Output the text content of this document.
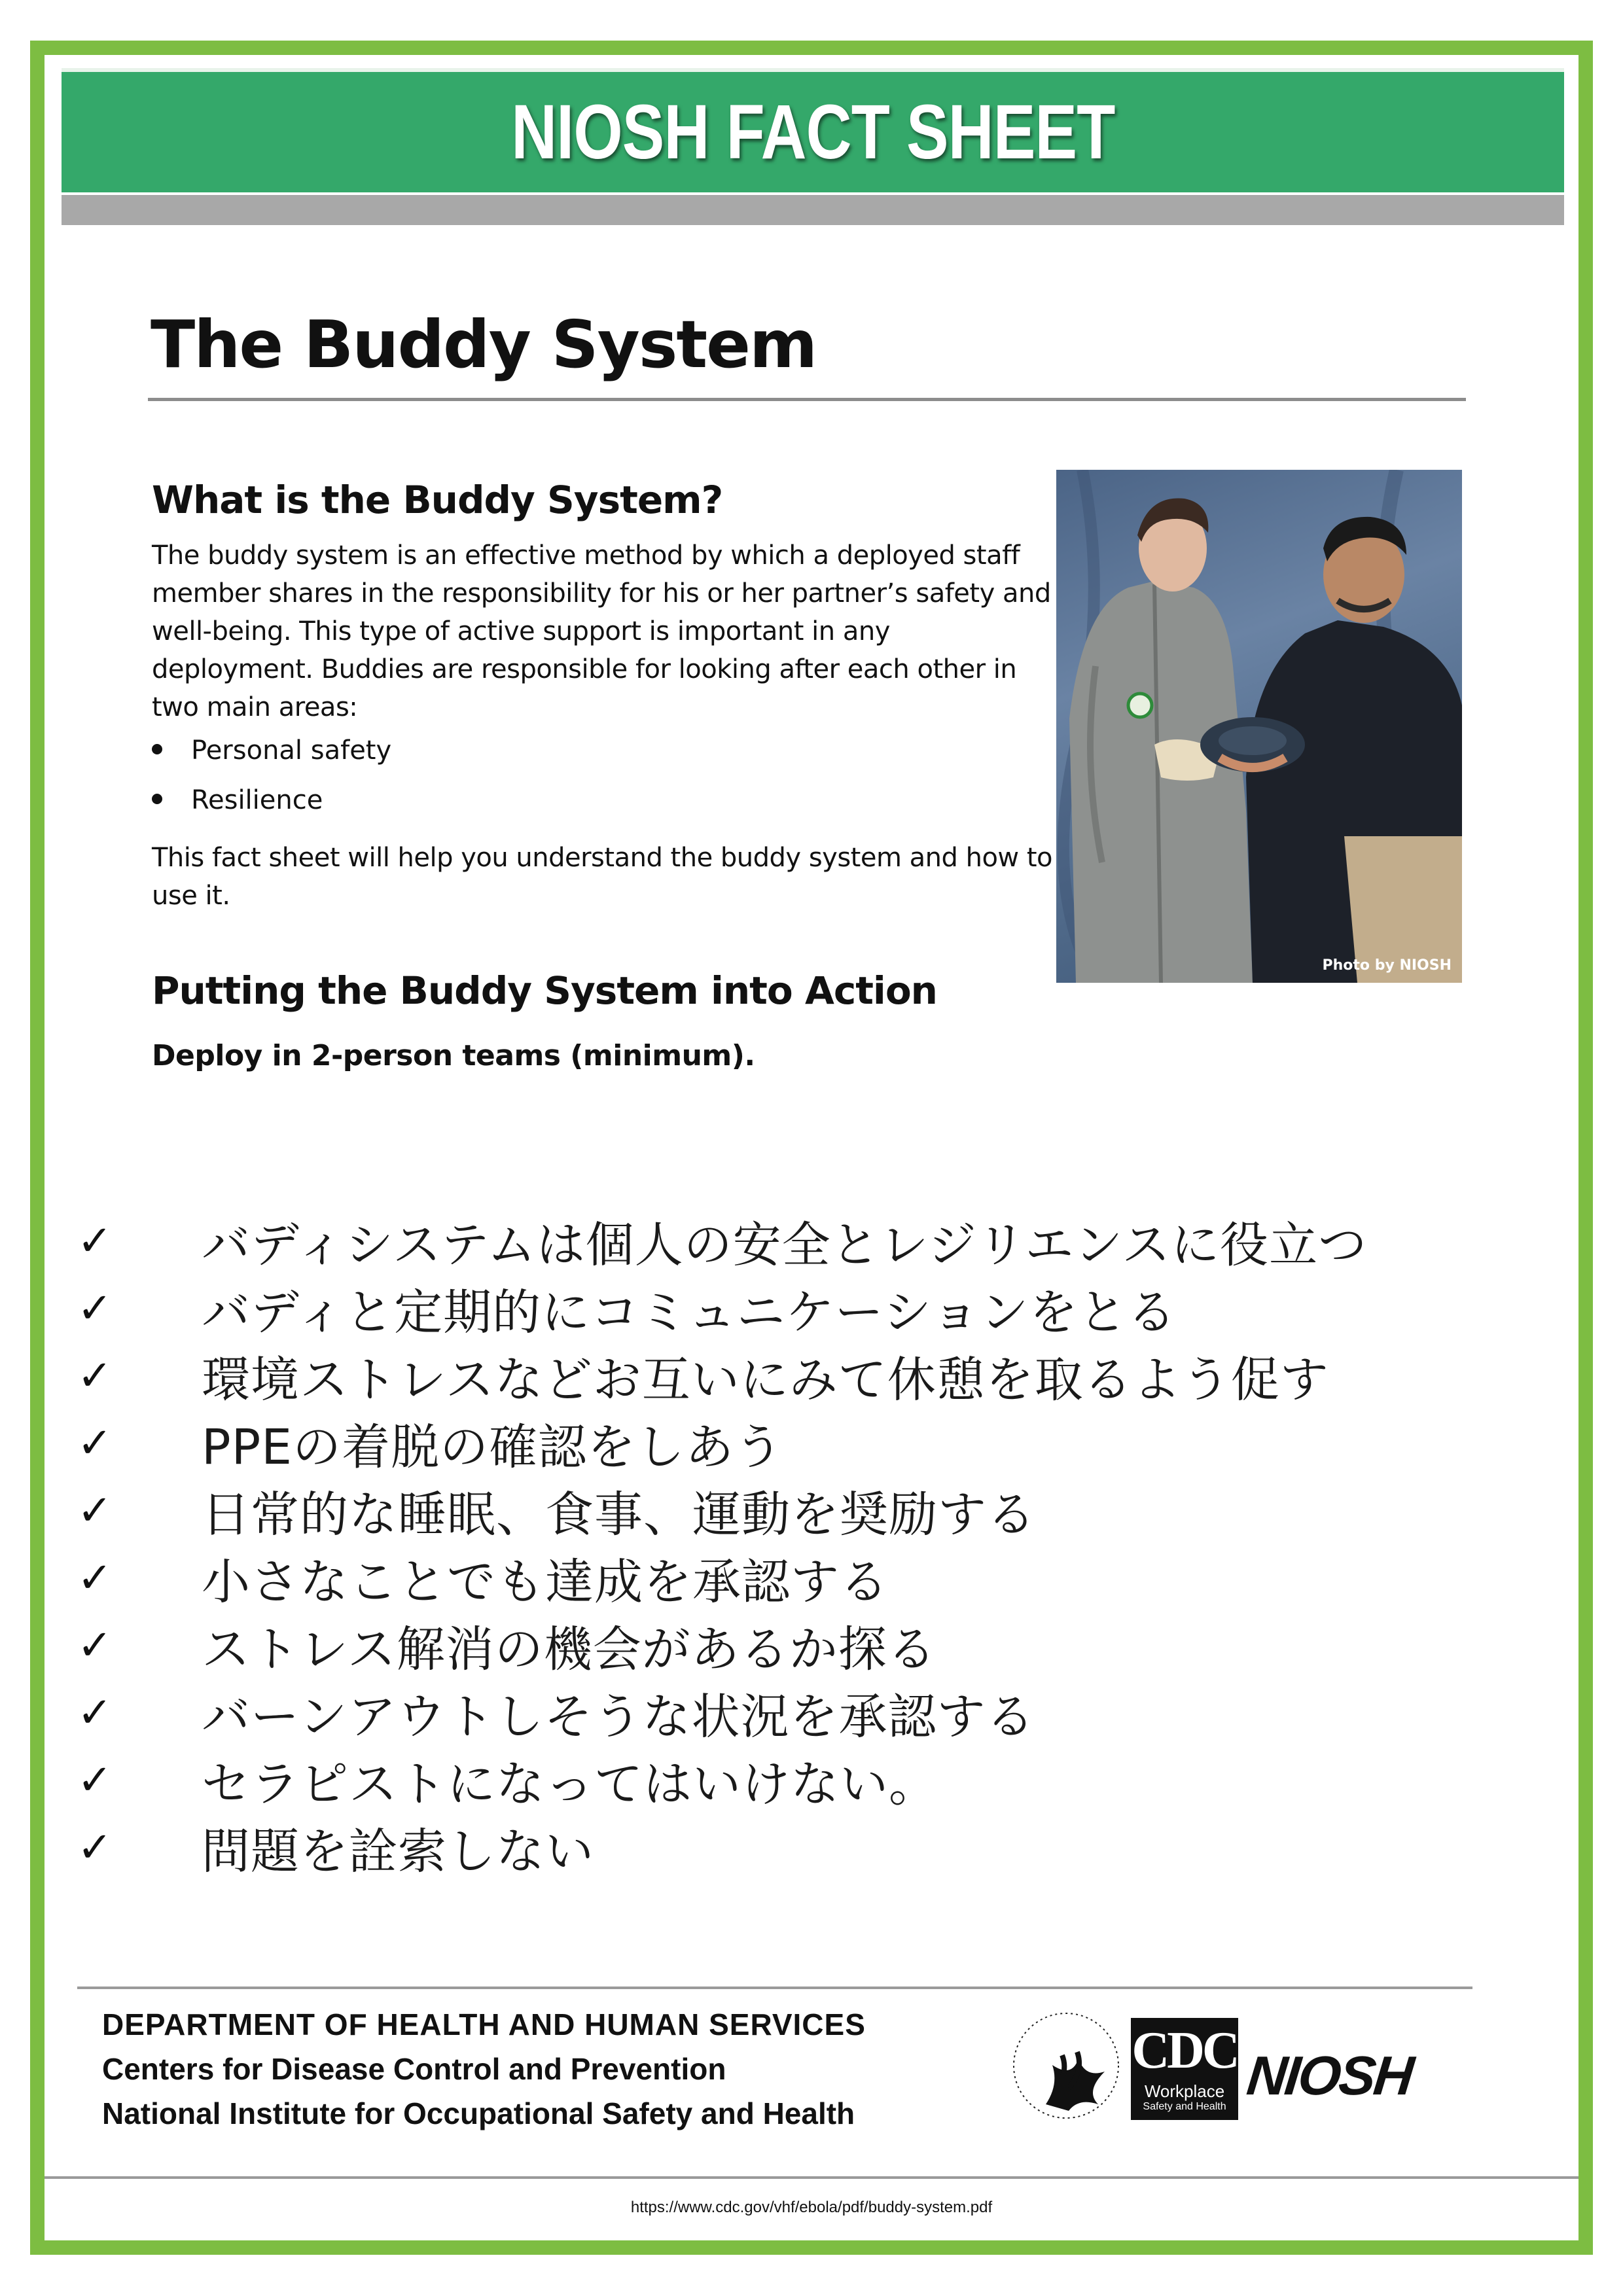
NIOSH FACT SHEET
The Buddy System
What is the Buddy System?
The buddy system is an effective method by which a deployed staff member shares in the responsibility for his or her partner’s safety and well-being. This type of active support is important in any deployment. Buddies are responsible for looking after each other in two main areas:
Personal safety
Resilience
This fact sheet will help you understand the buddy system and how to use it.
Putting the Buddy System into Action
Deploy in 2-person teams (minimum).
Photo by NIOSH
✓	バディシステムは個人の安全とレジリエンスに役立つ
✓	バディと定期的にコミュニケーションをとる
✓	環境ストレスなどお互いにみて休憩を取るよう促す
✓	PPEの着脱の確認をしあう
✓	日常的な睡眠、食事、運動を奨励する
✓	小さなことでも達成を承認する
✓	ストレス解消の機会があるか探る
✓	バーンアウトしそうな状況を承認する
✓	セラピストになってはいけない。
✓	問題を詮索しない
DEPARTMENT OF HEALTH AND HUMAN SERVICES
Centers for Disease Control and Prevention
National Institute for Occupational Safety and Health
CDC
Workplace
Safety and Health
NIOSH
https://www.cdc.gov/vhf/ebola/pdf/buddy-system.pdf
